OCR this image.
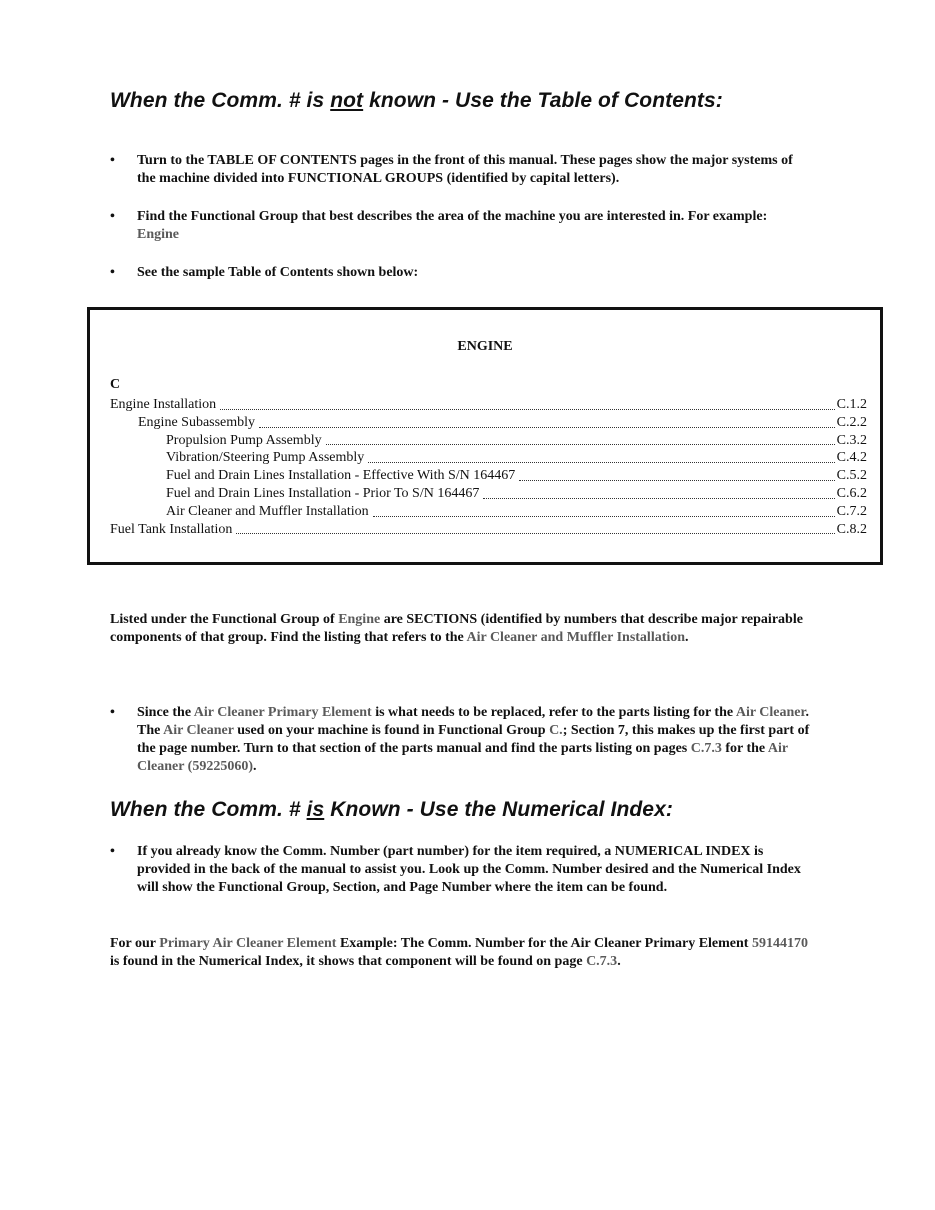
When the Comm. # is not known - Use the Table of Contents:
• Turn to the TABLE OF CONTENTS pages in the front of this manual. These pages show the major systems of the machine divided into FUNCTIONAL GROUPS (identified by capital letters).
• Find the Functional Group that best describes the area of the machine you are interested in. For example: Engine
• See the sample Table of Contents shown below:
ENGINE
C
Engine Installation	C.1.2
Engine Subassembly	C.2.2
Propulsion Pump Assembly	C.3.2
Vibration/Steering Pump Assembly	C.4.2
Fuel and Drain Lines Installation - Effective With S/N 164467	C.5.2
Fuel and Drain Lines Installation - Prior To S/N 164467	C.6.2
Air Cleaner and Muffler Installation	C.7.2
Fuel Tank Installation	C.8.2
Listed under the Functional Group of Engine are SECTIONS (identified by numbers that describe major repairable components of that group. Find the listing that refers to the Air Cleaner and Muffler Installation.
• Since the Air Cleaner Primary Element is what needs to be replaced, refer to the parts listing for the Air Cleaner. The Air Cleaner used on your machine is found in Functional Group C.; Section 7, this makes up the first part of the page number. Turn to that section of the parts manual and find the parts listing on pages C.7.3 for the Air Cleaner (59225060).
When the Comm. # is Known - Use the Numerical Index:
• If you already know the Comm. Number (part number) for the item required, a NUMERICAL INDEX is provided in the back of the manual to assist you. Look up the Comm. Number desired and the Numerical Index will show the Functional Group, Section, and Page Number where the item can be found.
For our Primary Air Cleaner Element Example: The Comm. Number for the Air Cleaner Primary Element 59144170 is found in the Numerical Index, it shows that component will be found on page C.7.3.
